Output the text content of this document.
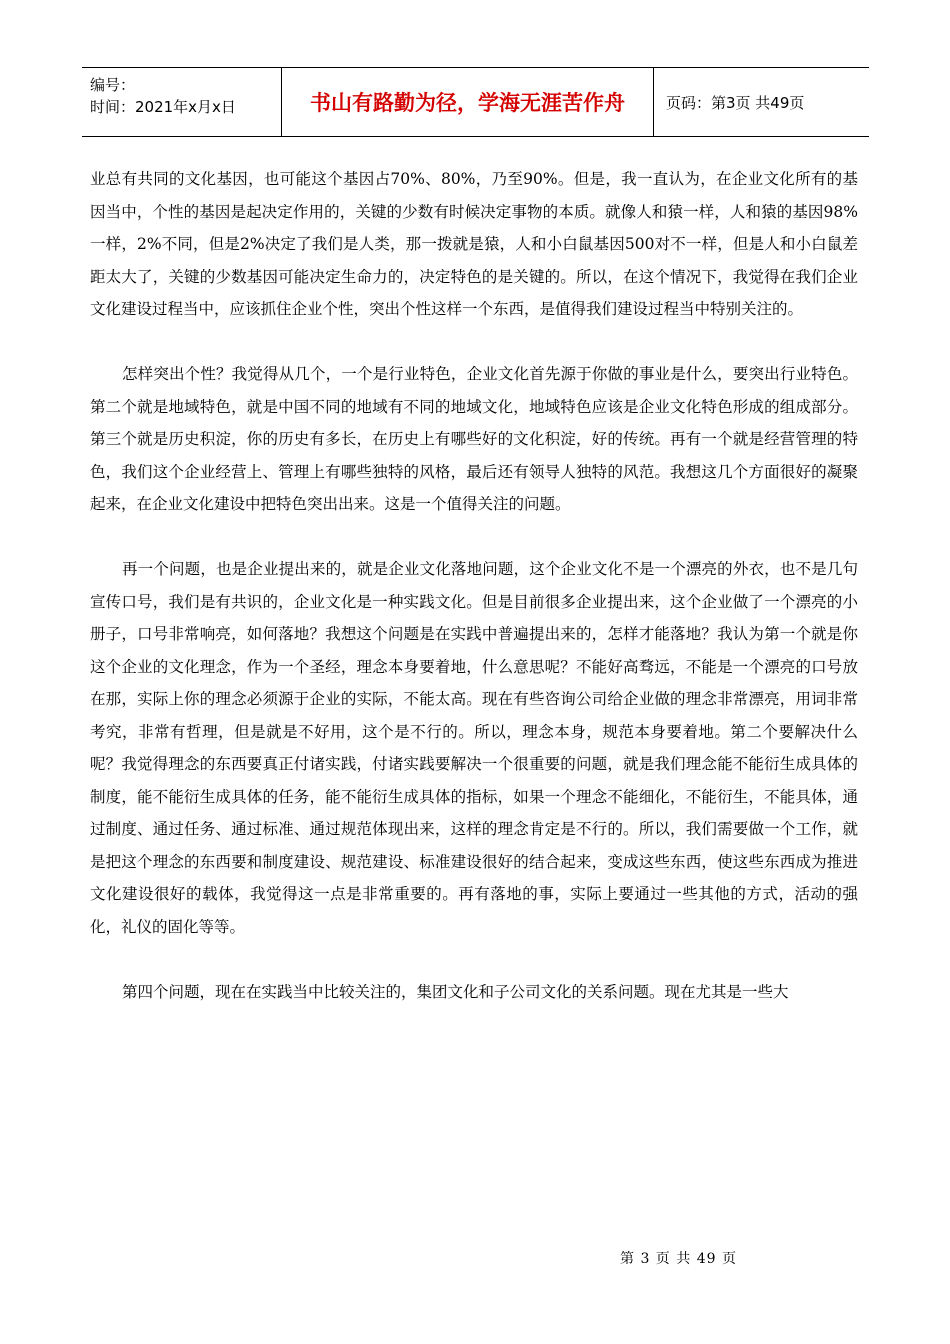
编号：
时间：2021年x月x日	书山有路勤为径，学海无涯苦作舟	页码：第3页 共49页

业总有共同的文化基因，也可能这个基因占70%、80%，乃至90%。但是，我一直认为，在企业文化所有的基因当中，个性的基因是起决定作用的，关键的少数有时候决定事物的本质。就像人和猿一样，人和猿的基因98%一样，2%不同，但是2%决定了我们是人类，那一拨就是猿，人和小白鼠基因500对不一样，但是人和小白鼠差距太大了，关键的少数基因可能决定生命力的，决定特色的是关键的。所以，在这个情况下，我觉得在我们企业文化建设过程当中，应该抓住企业个性，突出个性这样一个东西，是值得我们建设过程当中特别关注的。

怎样突出个性？我觉得从几个，一个是行业特色，企业文化首先源于你做的事业是什么，要突出行业特色。第二个就是地域特色，就是中国不同的地域有不同的地域文化，地域特色应该是企业文化特色形成的组成部分。第三个就是历史积淀，你的历史有多长，在历史上有哪些好的文化积淀，好的传统。再有一个就是经营管理的特色，我们这个企业经营上、管理上有哪些独特的风格，最后还有领导人独特的风范。我想这几个方面很好的凝聚起来，在企业文化建设中把特色突出出来。这是一个值得关注的问题。

再一个问题，也是企业提出来的，就是企业文化落地问题，这个企业文化不是一个漂亮的外衣，也不是几句宣传口号，我们是有共识的，企业文化是一种实践文化。但是目前很多企业提出来，这个企业做了一个漂亮的小册子，口号非常响亮，如何落地？我想这个问题是在实践中普遍提出来的，怎样才能落地？我认为第一个就是你这个企业的文化理念，作为一个圣经，理念本身要着地，什么意思呢？不能好高骛远，不能是一个漂亮的口号放在那，实际上你的理念必须源于企业的实际，不能太高。现在有些咨询公司给企业做的理念非常漂亮，用词非常考究，非常有哲理，但是就是不好用，这个是不行的。所以，理念本身，规范本身要着地。第二个要解决什么呢？我觉得理念的东西要真正付诸实践，付诸实践要解决一个很重要的问题，就是我们理念能不能衍生成具体的制度，能不能衍生成具体的任务，能不能衍生成具体的指标，如果一个理念不能细化，不能衍生，不能具体，通过制度、通过任务、通过标准、通过规范体现出来，这样的理念肯定是不行的。所以，我们需要做一个工作，就是把这个理念的东西要和制度建设、规范建设、标准建设很好的结合起来，变成这些东西，使这些东西成为推进文化建设很好的载体，我觉得这一点是非常重要的。再有落地的事，实际上要通过一些其他的方式，活动的强化，礼仪的固化等等。

第四个问题，现在在实践当中比较关注的，集团文化和子公司文化的关系问题。现在尤其是一些大

第 3 页 共 49 页
